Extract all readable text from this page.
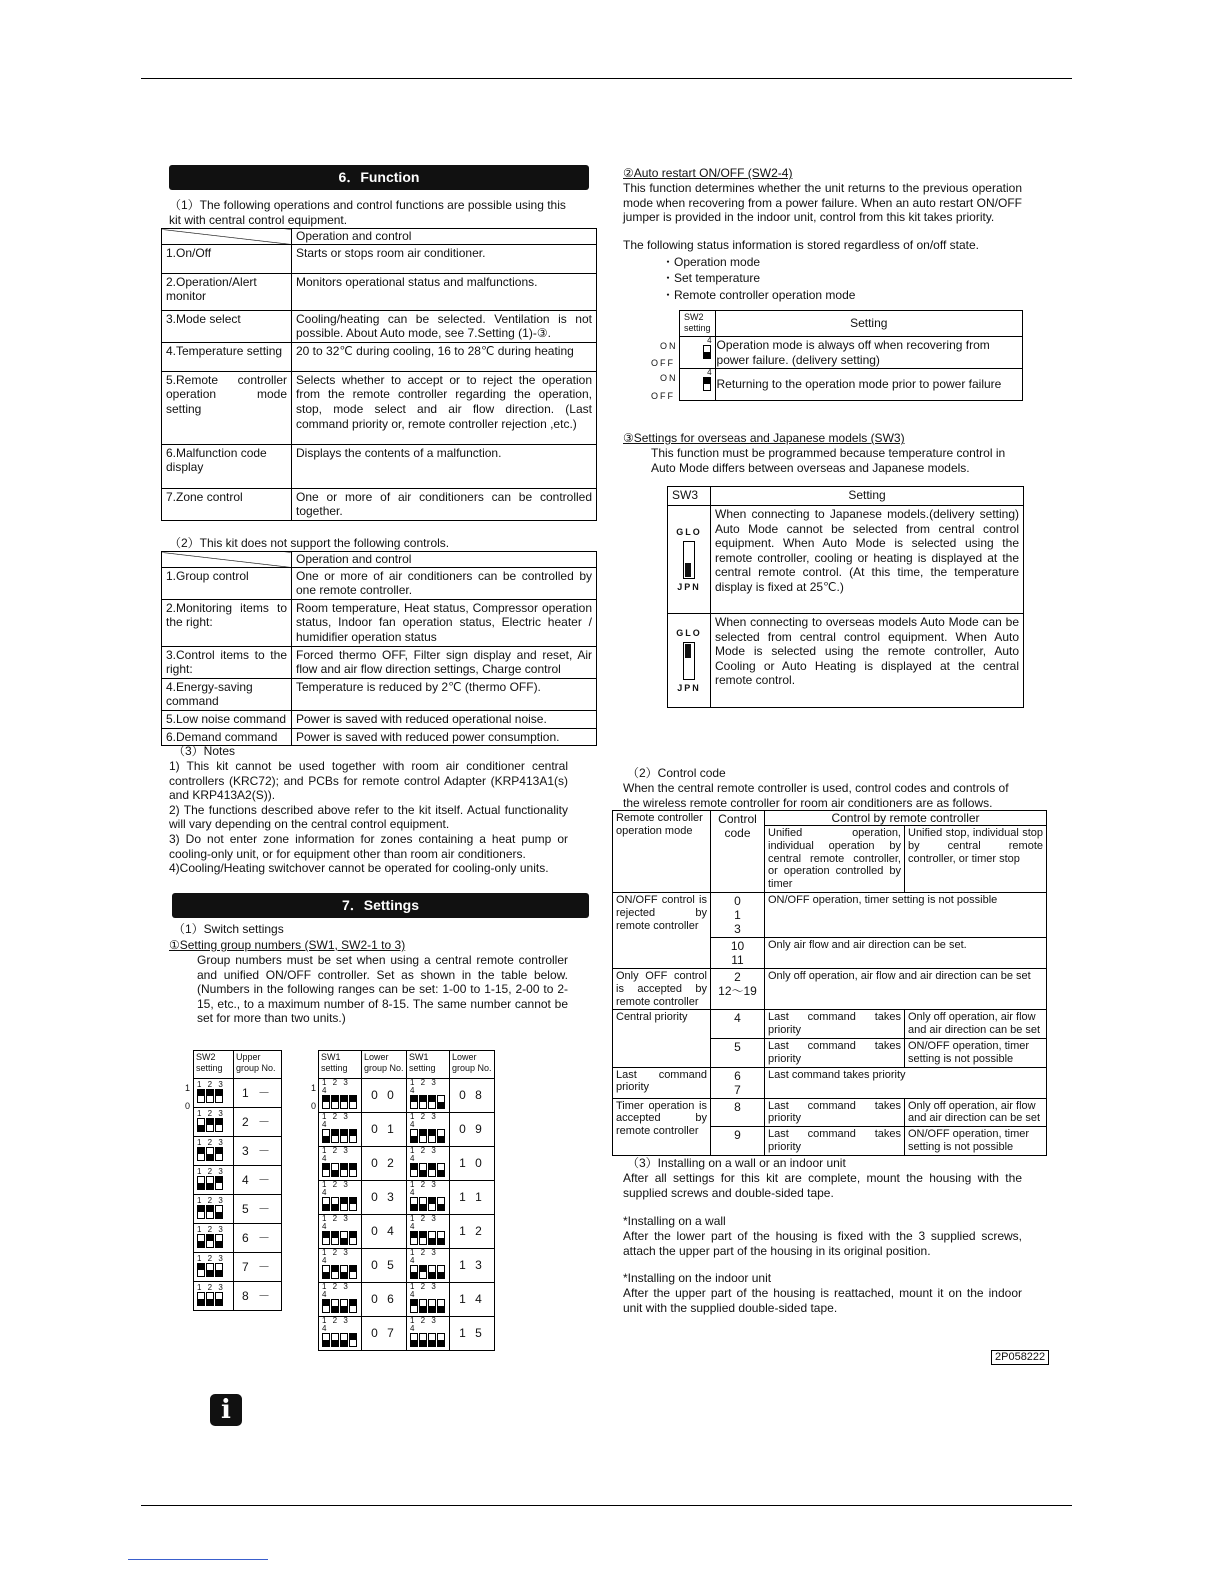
6．Function
（1）The following operations and control functions are possible using this kit with central control equipment.
	Operation and control
1.On/Off	Starts or stops room air conditioner.
2.Operation/Alert monitor	Monitors operational status and malfunctions.
3.Mode select	Cooling/heating can be selected. Ventilation is not possible. About Auto mode, see 7.Setting (1)-③.
4.Temperature setting	20 to 32℃ during cooling, 16 to 28℃ during heating
5.Remote controller operation mode setting	Selects whether to accept or to reject the operation from the remote controller regarding the operation, stop, mode select and air flow direction. (Last command priority or, remote controller rejection ,etc.)
6.Malfunction code display	Displays the contents of a malfunction.
7.Zone control	One or more of air conditioners can be controlled together.
（2）This kit does not support the following controls.
	Operation and control
1.Group control	One or more of air conditioners can be controlled by one remote controller.
2.Monitoring items to the right:	Room temperature, Heat status, Compressor operation status, Indoor fan operation status, Electric heater / humidifier operation status
3.Control items to the right:	Forced thermo OFF, Filter sign display and reset, Air flow and air flow direction settings, Charge control
4.Energy-saving command	Temperature is reduced by 2℃ (thermo OFF).
5.Low noise command	Power is saved with reduced operational noise.
6.Demand command	Power is saved with reduced power consumption.
（3）Notes
1) This kit cannot be used together with room air conditioner central controllers (KRC72); and PCBs for remote control Adapter (KRP413A1(s) and KRP413A2(S)).
2) The functions described above refer to the kit itself. Actual functionality will vary depending on the central control equipment.
3) Do not enter zone information for zones containing a heat pump or cooling-only unit, or for equipment other than room air conditioners.
4)Cooling/Heating switchover cannot be operated for cooling-only units.
7．Settings
（1）Switch settings
①Setting group numbers (SW1, SW2-1 to 3)
Group numbers must be set when using a central remote controller and unified ON/OFF controller. Set as shown in the table below. (Numbers in the following ranges can be set: 1-00 to 1-15, 2-00 to 2-15, etc., to a maximum number of 8-15. The same number cannot be set for more than two units.)
1
0
SW2 setting	Upper group No.

1 2 3	1 －

1 2 3	2 －

1 2 3	3 －

1 2 3	4 －

1 2 3	5 －

1 2 3	6 －

1 2 3	7 －

1 2 3	8 －
1
0
SW1 setting	Lower group No.	SW1 setting	Lower group No.

1 2 3 4	0 0	1 2 3 4	0 8

1 2 3 4	0 1	1 2 3 4	0 9

1 2 3 4	0 2	1 2 3 4	1 0

1 2 3 4	0 3	1 2 3 4	1 1

1 2 3 4	0 4	1 2 3 4	1 2

1 2 3 4	0 5	1 2 3 4	1 3

1 2 3 4	0 6	1 2 3 4	1 4

1 2 3 4	0 7	1 2 3 4	1 5
i
②Auto restart ON/OFF (SW2-4)
This function determines whether the unit returns to the previous operation mode when recovering from a power failure. When an auto restart ON/OFF jumper is provided in the indoor unit, control from this kit takes priority.
The following status information is stored regardless of on/off state.
・Operation mode
・Set temperature
・Remote controller operation mode
ON
OFF
ON
OFF
SW2 setting	Setting

4	Operation mode is always off when recovering from power failure. (delivery setting)

4	Returning to the operation mode prior to power failure
③Settings for overseas and Japanese models (SW3)
This function must be programmed because temperature control in Auto Mode differs between overseas and Japanese models.
SW3	Setting

GLO
JPN	When connecting to Japanese models.(delivery setting) Auto Mode cannot be selected from central control equipment. When Auto Mode is selected using the remote controller, cooling or heating is displayed at the central remote control. (At this time, the temperature display is fixed at 25℃.)

GLO
JPN	When connecting to overseas models Auto Mode can be selected from central control equipment. When Auto Mode is selected using the remote controller, Auto Cooling or Auto Heating is displayed at the central remote control.
（2）Control code
When the central remote controller is used, control codes and controls of the wireless remote controller for room air conditioners are as follows.
Remote controller operation mode	Control code	Control by remote controller	
		Unified operation, individual operation by central remote controller, or operation controlled by timer	Unified stop, individual stop by central remote controller, or timer stop
ON/OFF control is rejected by remote controller	0
1
3	ON/OFF operation, timer setting is not possible	
	10
11	Only air flow and air direction can be set.	
Only OFF control is accepted by remote controller	2
12～19	Only off operation, air flow and air direction can be set	
Central priority	4	Last command takes priority	Only off operation, air flow and air direction can be set
	5	Last command takes priority	ON/OFF operation, timer setting is not possible
Last command priority	6
7	Last command takes priority	
Timer operation is accepted by remote controller	8	Last command takes priority	Only off operation, air flow and air direction can be set
	9	Last command takes priority	ON/OFF operation, timer setting is not possible
（3）Installing on a wall or an indoor unit
After all settings for this kit are complete, mount the housing with the supplied screws and double-sided tape.
*Installing on a wall
After the lower part of the housing is fixed with the 3 supplied screws, attach the upper part of the housing in its original position.
*Installing on the indoor unit
After the upper part of the housing is reattached, mount it on the indoor unit with the supplied double-sided tape.
2P058222
